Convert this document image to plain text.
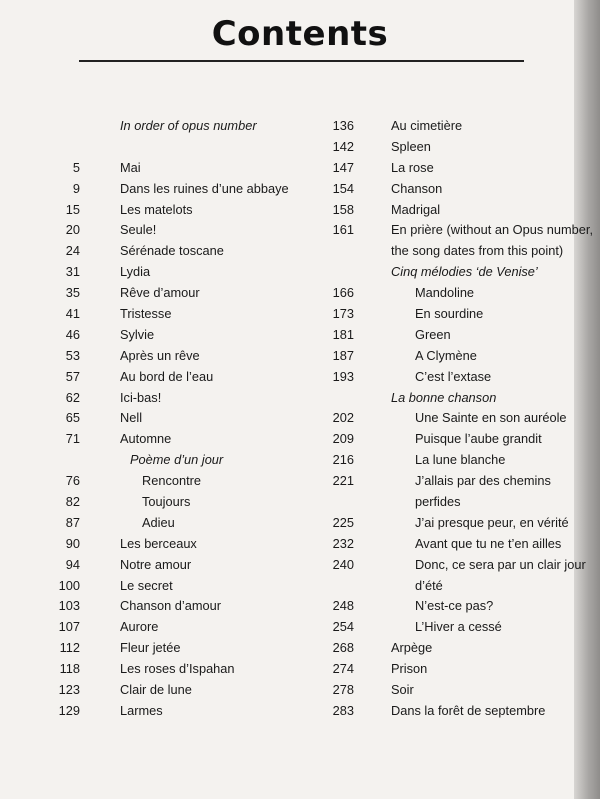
Contents
In order of opus number
5	Mai
9	Dans les ruines d’une abbaye
15	Les matelots
20	Seule!
24	Sérénade toscane
31	Lydia
35	Rêve d’amour
41	Tristesse
46	Sylvie
53	Après un rêve
57	Au bord de l’eau
62	Ici-bas!
65	Nell
71	Automne
Poème d’un jour
76	Rencontre
82	Toujours
87	Adieu
90	Les berceaux
94	Notre amour
100	Le secret
103	Chanson d’amour
107	Aurore
112	Fleur jetée
118	Les roses d’Ispahan
123	Clair de lune
129	Larmes
136	Au cimetière
142	Spleen
147	La rose
154	Chanson
158	Madrigal
161	En prière (without an Opus number,
the song dates from this point)
Cinq mélodies ‘de Venise’
166	Mandoline
173	En sourdine
181	Green
187	A Clymène
193	C’est l’extase
La bonne chanson
202	Une Sainte en son auréole
209	Puisque l’aube grandit
216	La lune blanche
221	J’allais par des chemins
perfides
225	J’ai presque peur, en vérité
232	Avant que tu ne t’en ailles
240	Donc, ce sera par un clair jour
d’été
248	N’est-ce pas?
254	L’Hiver a cessé
268	Arpège
274	Prison
278	Soir
283	Dans la forêt de septembre
